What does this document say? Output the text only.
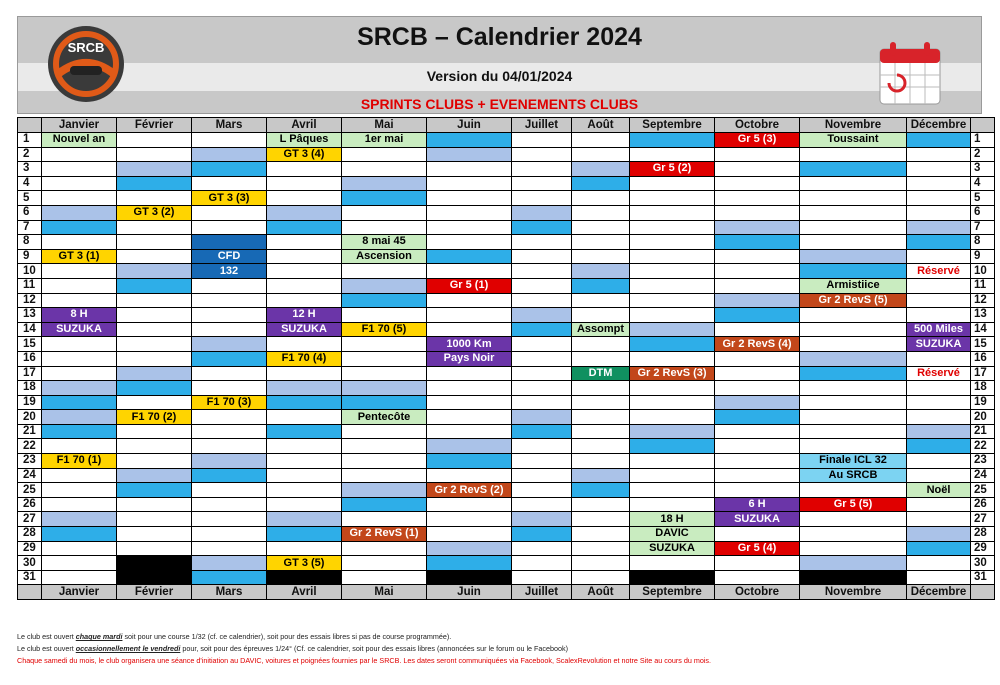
SRCB – Calendrier 2024
Version du 04/01/2024
SPRINTS CLUBS + EVENEMENTS CLUBS
SRCB
	Janvier	Février	Mars	Avril	Mai	Juin	Juillet	Août	Septembre	Octobre	Novembre	Décembre	
1	Nouvel an			L Pâques	1er mai					Gr 5 (3)	Toussaint		1
2				GT 3 (4)									2
3									Gr 5 (2)				3
4													4
5			GT 3 (3)										5
6		GT 3 (2)											6
7													7
8					8 mai 45								8
9	GT 3 (1)		CFD		Ascension								9
10			132									Réservé	10
11						Gr 5 (1)					Armistiice		11
12											Gr 2 RevS (5)		12
13	8 H			12 H									13
14	SUZUKA			SUZUKA	F1 70 (5)			Assompt				500 Miles	14
15						1000 Km				Gr 2 RevS (4)		SUZUKA	15
16				F1 70 (4)		Pays Noir							16
17								DTM	Gr 2 RevS (3)			Réservé	17
18													18
19			F1 70 (3)										19
20		F1 70 (2)			Pentecôte								20
21													21
22													22
23	F1 70 (1)										Finale ICL 32		23
24											Au SRCB		24
25						Gr 2 RevS (2)						Noël	25
26										6 H	Gr 5 (5)		26
27									18 H	SUZUKA			27
28					Gr 2 RevS (1)				DAVIC				28
29									SUZUKA	Gr 5 (4)			29
30				GT 3 (5)									30
31													31
	Janvier	Février	Mars	Avril	Mai	Juin	Juillet	Août	Septembre	Octobre	Novembre	Décembre	
Le club est ouvert chaque mardi soit pour une course 1/32 (cf. ce calendrier), soit pour des essais libres si pas de course programmée).
Le club est ouvert occasionnellement le vendredi pour, soit pour des épreuves 1/24° (Cf. ce calendrier, soit pour des essais libres (annoncées sur le forum ou le Facebook)
Chaque samedi du mois, le club organisera une séance d'initiation au DAVIC, voitures et poignées fournies par le SRCB. Les dates seront communiquées via Facebook, ScalexRevolution et notre Site au cours du mois.
